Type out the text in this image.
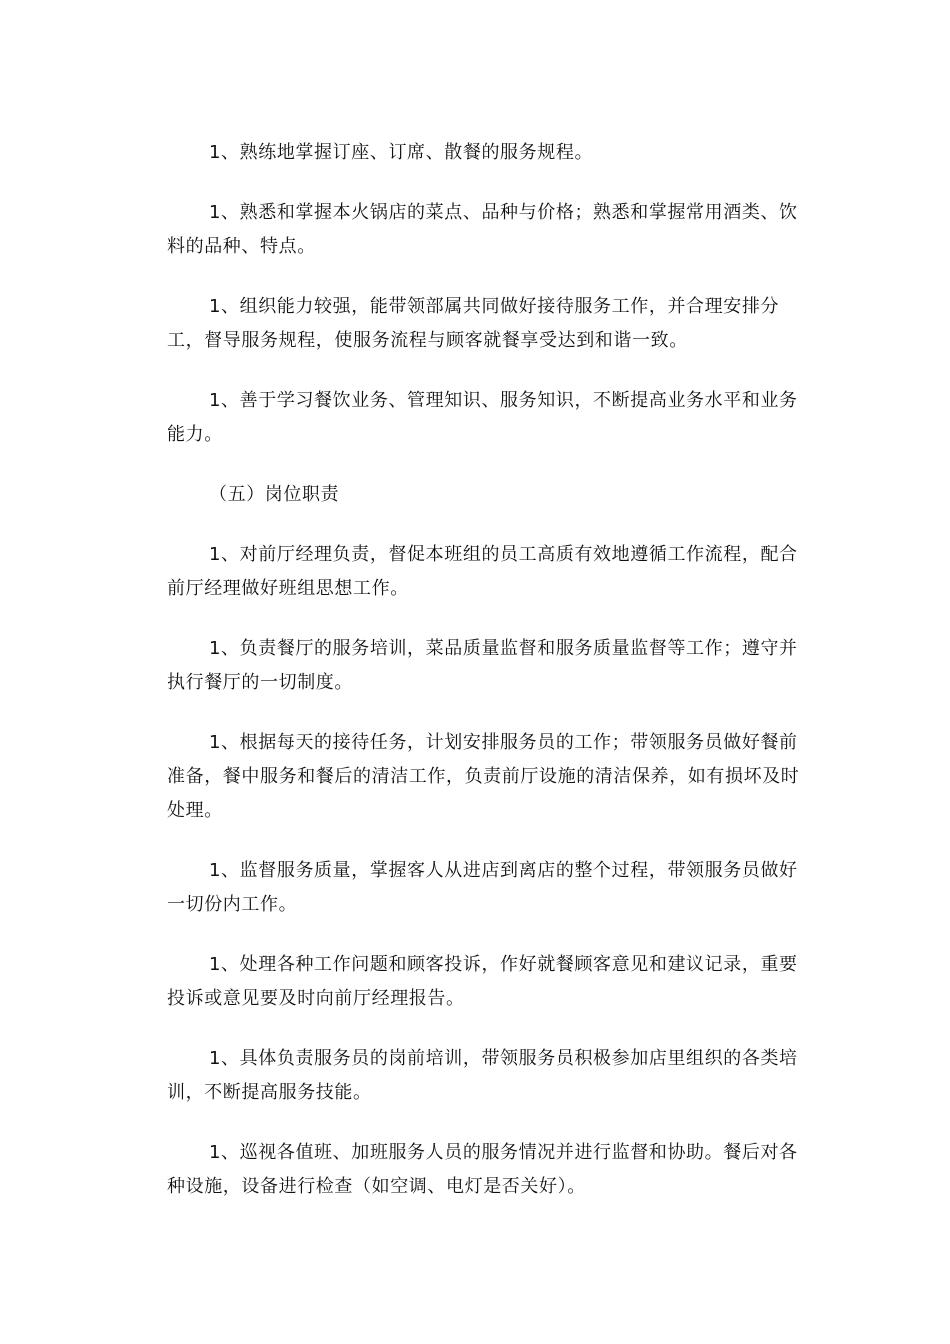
1、熟练地掌握订座、订席、散餐的服务规程。

1、熟悉和掌握本火锅店的菜点、品种与价格；熟悉和掌握常用酒类、饮料的品种、特点。

1、组织能力较强，能带领部属共同做好接待服务工作，并合理安排分工，督导服务规程，使服务流程与顾客就餐享受达到和谐一致。

1、善于学习餐饮业务、管理知识、服务知识，不断提高业务水平和业务能力。

（五）岗位职责

1、对前厅经理负责，督促本班组的员工高质有效地遵循工作流程，配合前厅经理做好班组思想工作。

1、负责餐厅的服务培训，菜品质量监督和服务质量监督等工作；遵守并执行餐厅的一切制度。

1、根据每天的接待任务，计划安排服务员的工作；带领服务员做好餐前准备，餐中服务和餐后的清洁工作，负责前厅设施的清洁保养，如有损坏及时处理。

1、监督服务质量，掌握客人从进店到离店的整个过程，带领服务员做好一切份内工作。

1、处理各种工作问题和顾客投诉，作好就餐顾客意见和建议记录，重要投诉或意见要及时向前厅经理报告。

1、具体负责服务员的岗前培训，带领服务员积极参加店里组织的各类培训，不断提高服务技能。

1、巡视各值班、加班服务人员的服务情况并进行监督和协助。餐后对各种设施，设备进行检查（如空调、电灯是否关好）。
